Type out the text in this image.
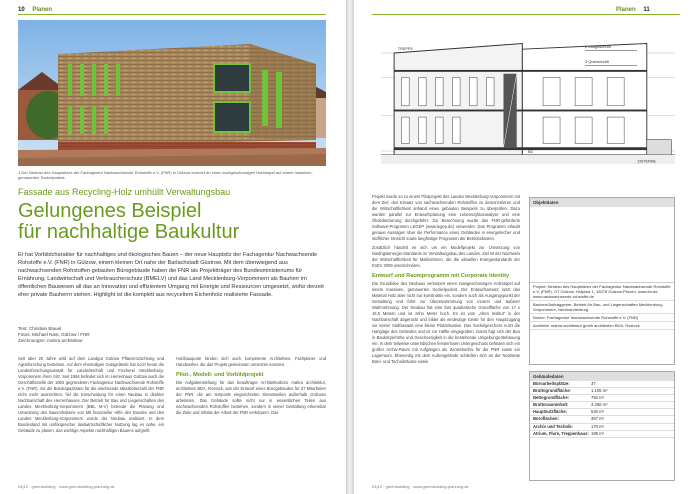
10 Planen
1 Der Neubau des Hauptsitzes der Fachagentur Nachwachsende Rohstoffe e.V. (FNR) in Gülzow erinnert an einen zweigeschossigen Holzstapel auf einem massiven, gemauerten Sockelpodest.
Fassade aus Recycling-Holz umhüllt Verwaltungsbau
Gelungenes Beispiel
für nachhaltige Baukultur
Er hat Vorbildcharakter für nachhaltiges und ökologisches Bauen – der neue Hauptsitz der Fachagentur Nachwachsende Rohstoffe e.V. (FNR) in Gülzow, einem kleinen Ort nahe der Barlachstadt Güstrow. Mit dem überwiegend aus nachwachsenden Rohstoffen gebauten Bürogebäude haben die FNR als Projektträger des Bundesministeriums für Ernährung, Landwirtschaft und Verbraucherschutz (BMELV) und das Land Mecklenburg-Vorpommern als Bauherr im öffentlichen Bauwesen all das an Innovation und effizientem Umgang mit Energie und Ressourcen umgesetzt, wofür derzeit eher private Bauherrn stehen. Highlight ist die komplett aus recyceltem Eichenholz realisierte Fassade.
Text: Christian Blauel
Fotos: Michael Nast, Gülzow / FNR
Zeichnungen: mahra architektur
Seit über 20 Jahre wird auf dem Landgut Gülzow Pflanzenzüchtung und Agrarforschung betrieben. Auf dem ehemaligen Gutsgelände hat noch heute die Landesforschungsanstalt für Landwirtschaft und Fischerei Mecklenburg-Vorpommern ihren Sitz. Seit 1994 befindet sich im Herrenhaus Gülzow auch die Geschäftsstelle der 1993 gegründeten Fachagentur Nachwachsende Rohstoffe e.V. (FNR). Als die Bürokapazitäten für die wachsende Mitarbeiterzahl der FNR nicht mehr ausreichten, fiel die Entscheidung für einen Neubau in direkter Nachbarschaft des Herrenhauses. Der Betrieb für Bau und Liegenschaften des Landes Mecklenburg-Vorpommern (BBL M-V) betreute die Planung und Umsetzung des Bauvorhabens von Mit finanzieller Hilfe des Bundes und des Landes Mecklenburg-Vorpommern wurde der Neubau realisiert. In dem Bundesland mit umfangreicher landwirtschaftlicher Nutzung lag es nahe, ein Gebäude zu planen, das wichtige Aspekte nachhaltigen Bauens aufgreift.
Holzbauquote fanden sich auch kompetente Architekten, Fachplaner und Handwerker, die das Projekt gemeinsam umsetzen konnten.
Pilot-, Modell- und Vorbildprojekt
Die Aufgabenstellung für das beauftragte Architekturbüro mahra architektur, architekten BDA, Rostock, war der Entwurf eines Bürogebäudes für 37 Mitarbeiter der FNR, die am temporär eingerichteten Dienststellen außerhalb Gülzows arbeiteten. Das Gebäude sollte nicht nur in wesentlichen Teilen aus nachwachsenden Rohstoffen bestehen, sondern in seiner Gestaltung erkennbar die Ziele und Inhalte der Arbeit der FNR verkörpern. Das
04|12 · greenbuilding · www.greenbuilding-planning.de
Planen 11
TREPPE
ZISTERNE
B6
2 Längsschnitt
3 Querschnitt
Projekt wurde so zu einem Pilotprojekt des Landes Mecklenburg-Vorpommern mit dem Ziel, den Einsatz von nachwachsenden Rohstoffen zu demonstrieren und die Wirtschaftlichkeit anhand eines gebauten Beispiels zu überprüfen. Dazu wurden parallel zur Entwurfsplanung eine Lebenszyklusanalyse und eine Ökobilanzierung durchgeführt. Zur Berechnung wurde das FNR-geförderte Software-Programm LEGEP (www.legep.de) verwendet. Das Programm erlaubt genaue Aussagen über die Performance eines Gebäudes in energetischer und stofflicher Hinsicht sowie langfristige Prognosen der Betriebskosten.
Zusätzlich handelt es sich um ein Modellprojekt zur Umsetzung von Niedrigstenergie-Standards im Verwaltungsbau des Landes. Ziel ist der Nachweis der Wirtschaftlichkeit für Maßnahmen, die die aktuellen Energiestandards der EnEV 2009 unterschreiten.
Entwurf und Raumprogramm mit Corporate Identity
Die Grundidee des Neubaus verkörpert einen zweigeschossigen Holzstapel auf einem massiven, gemauerten Sockelpodest. Der Entwurfsansatz setzt das Material Holz aber nicht nur konstruktiv ein, sondern auch als Ausgangspunkt der Gestaltung und führt zur Übereinstimmung von innerer und äußerer Wahrnehmung. Der Neubau hat eine fast quadratische Grundfläche von 17 x 16,5 Metern und ist zehn Meter hoch. Es ist vom „Alten Institut“ in der Nachbarschaft abgerückt und bildet als eindeutige Geste für den Hauptzugang vor seiner Südfassade eine kleine Platzsituation. Das Sockelgeschoss nutzt die Hanglage des Geländes und ist zur Hälfte eingegraben. Damit fügt sich der Bau in Baukörperhöhe und Geschossigkeit in die bestehende Umgebungs-Bebauung ein. In dem teilweise unterirdischen fensterlosen Untergeschoss befinden sich ein großer Archiv-Raum mit Aufgängen als Zentralarchiv für die FNR sowie ein Lagerraum. Ebenerdig mit dem Außengelände schließen sich an der Nordseite Büro- und Technikräume sowie
Objektdaten
Projekt: Neubau des Hauptsitzes der Fachagentur Nachwachsende Rohstoffe e.V. (FNR), OT Gülzow, Hofplatz 1, 18276 Gülzow-Prüzen, www.fnr.de, www.nachwachsende-rohstoffe.de
Bauherr/Auftraggeber: Betrieb für Bau- und Liegenschaften Mecklenburg-Vorpommern, Neubrandenburg
Nutzer: Fachagentur Nachwachsende Rohstoffe e.V. (FNR)
Architekt: mahra architektur gmbh architekten BDA, Rostock
Gebäudedaten
Büroarbeitsplätze:	37
Bruttogrundfläche:	1.105 m²
Nettogrundfläche:	792 m²
Bruttorauminhalt:	3.256 m³
Hauptnutzfläche:	530 m²
Büroflächen:	357 m²
Archiv und Technik:	170 m²
Atrium, Flure, Treppenhaus: 195 m²
04|12 · greenbuilding · www.greenbuilding-planning.de
